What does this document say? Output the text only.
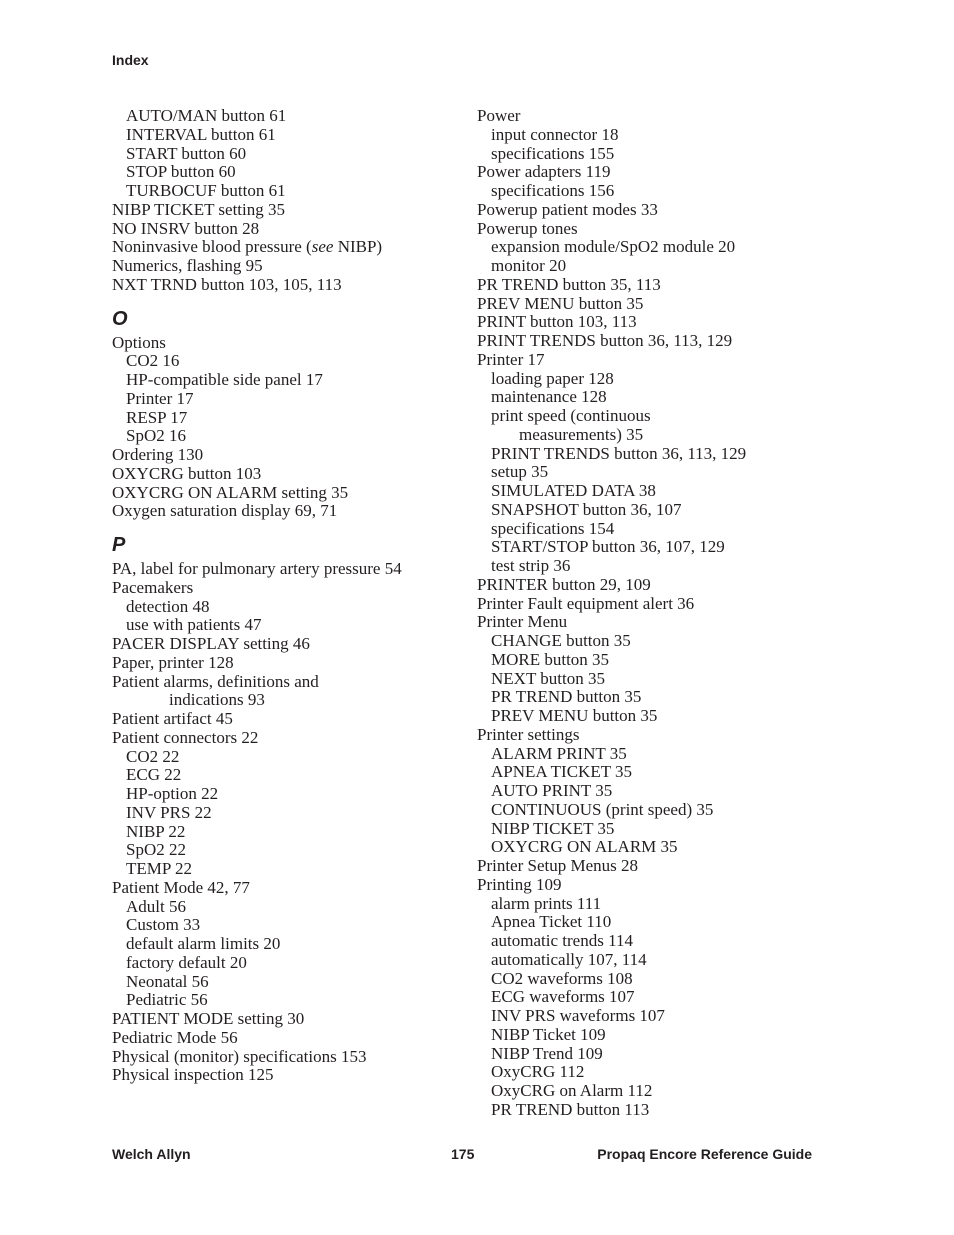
Index
AUTO/MAN button 61
INTERVAL button 61
START button 60
STOP button 60
TURBOCUF button 61
NIBP TICKET setting 35
NO INSRV button 28
Noninvasive blood pressure (see NIBP)
Numerics, flashing 95
NXT TRND button 103, 105, 113
O
Options
CO2 16
HP-compatible side panel 17
Printer 17
RESP 17
SpO2 16
Ordering 130
OXYCRG button 103
OXYCRG ON ALARM setting 35
Oxygen saturation display 69, 71
P
PA, label for pulmonary artery pressure 54
Pacemakers
detection 48
use with patients 47
PACER DISPLAY setting 46
Paper, printer 128
Patient alarms, definitions and
indications 93
Patient artifact 45
Patient connectors 22
CO2 22
ECG 22
HP-option 22
INV PRS 22
NIBP 22
SpO2 22
TEMP 22
Patient Mode 42, 77
Adult 56
Custom 33
default alarm limits 20
factory default 20
Neonatal 56
Pediatric 56
PATIENT MODE setting 30
Pediatric Mode 56
Physical (monitor) specifications 153
Physical inspection 125
Power
input connector 18
specifications 155
Power adapters 119
specifications 156
Powerup patient modes 33
Powerup tones
expansion module/SpO2 module 20
monitor 20
PR TREND button 35, 113
PREV MENU button 35
PRINT button 103, 113
PRINT TRENDS button 36, 113, 129
Printer 17
loading paper 128
maintenance 128
print speed (continuous
measurements) 35
PRINT TRENDS button 36, 113, 129
setup 35
SIMULATED DATA 38
SNAPSHOT button 36, 107
specifications 154
START/STOP button 36, 107, 129
test strip 36
PRINTER button 29, 109
Printer Fault equipment alert 36
Printer Menu
CHANGE button 35
MORE button 35
NEXT button 35
PR TREND button 35
PREV MENU button 35
Printer settings
ALARM PRINT 35
APNEA TICKET 35
AUTO PRINT 35
CONTINUOUS (print speed) 35
NIBP TICKET 35
OXYCRG ON ALARM 35
Printer Setup Menus 28
Printing 109
alarm prints 111
Apnea Ticket 110
automatic trends 114
automatically 107, 114
CO2 waveforms 108
ECG waveforms 107
INV PRS waveforms 107
NIBP Ticket 109
NIBP Trend 109
OxyCRG 112
OxyCRG on Alarm 112
PR TREND button 113
Welch Allyn	175	Propaq Encore Reference Guide
